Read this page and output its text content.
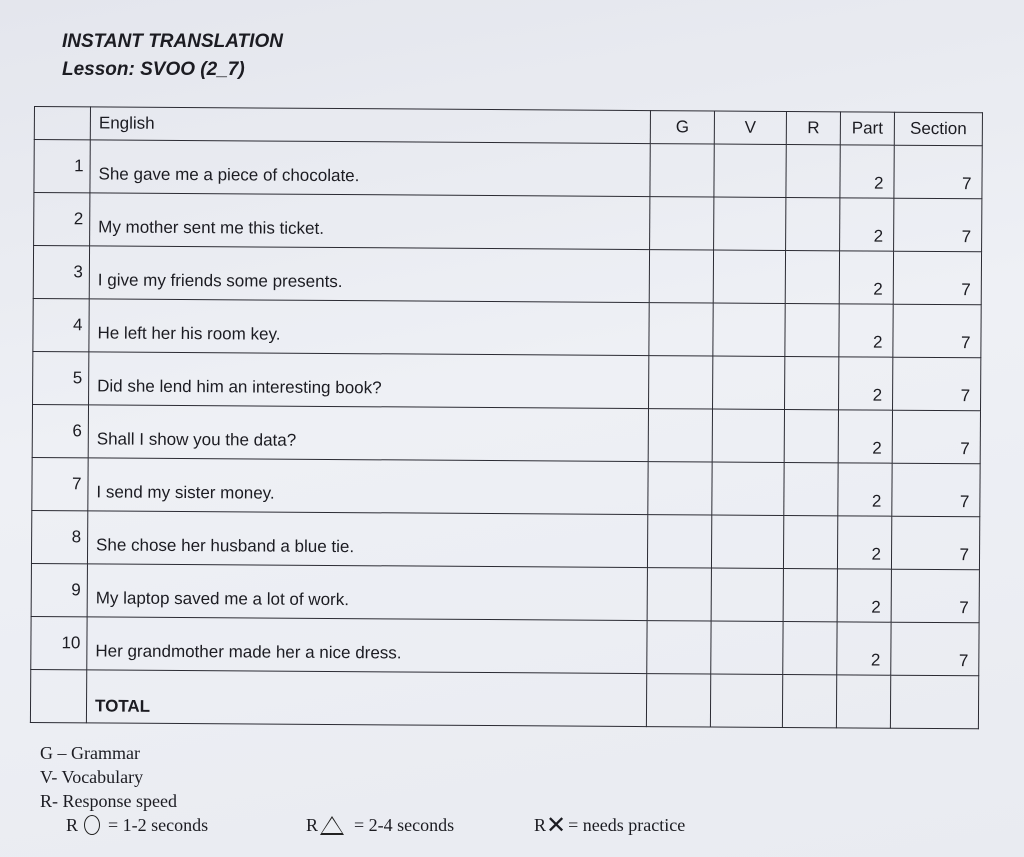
INSTANT TRANSLATION
Lesson: SVOO (2_7)
	English	G	V	R	Part	Section
1	She gave me a piece of chocolate.				2	7
2	My mother sent me this ticket.				2	7
3	I give my friends some presents.				2	7
4	He left her his room key.				2	7
5	Did she lend him an interesting book?				2	7
6	Shall I show you the data?				2	7
7	I send my sister money.				2	7
8	She chose her husband a blue tie.				2	7
9	My laptop saved me a lot of work.				2	7
10	Her grandmother made her a nice dress.				2	7
	TOTAL					
G – Grammar
V- Vocabulary
R- Response speed
R = 1-2 seconds	R = 2-4 seconds	R ✕ = needs practice
